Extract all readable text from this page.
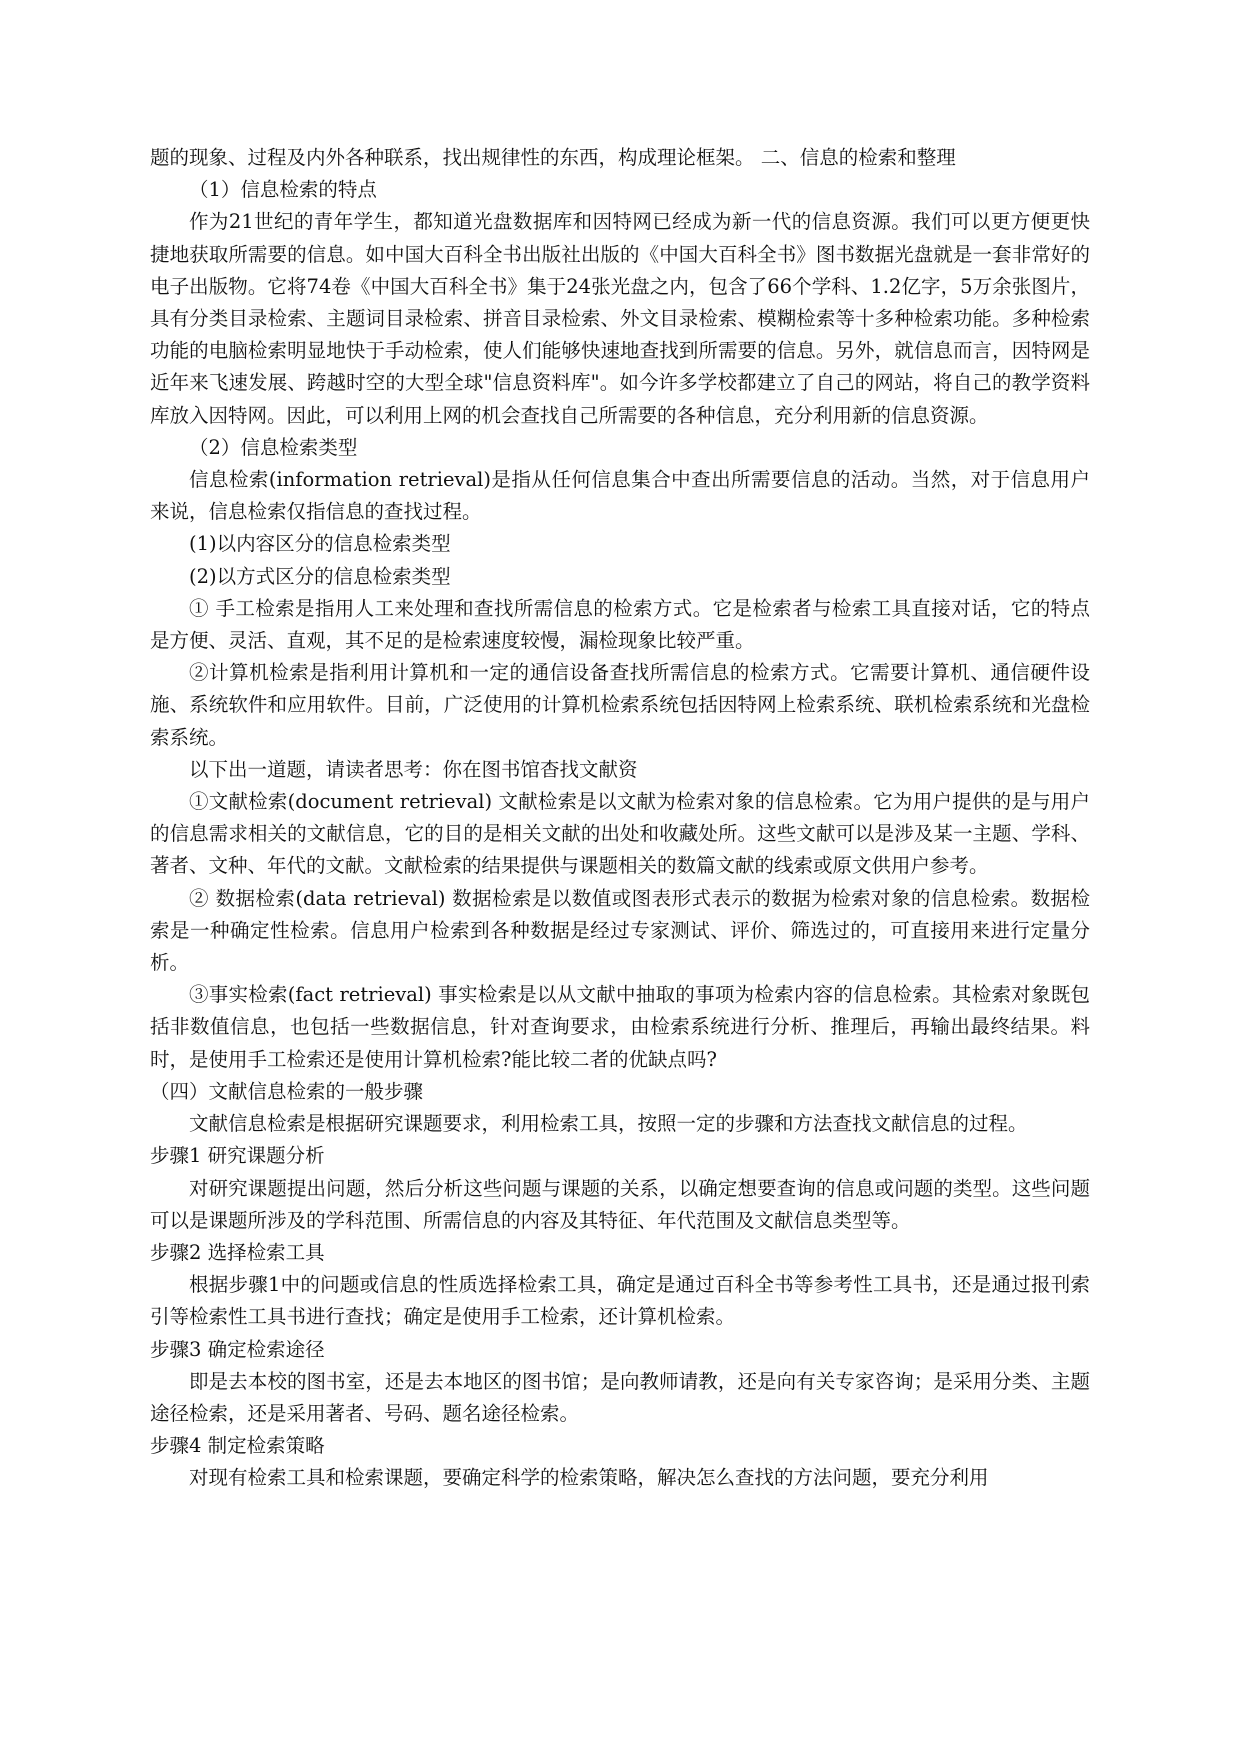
题的现象、过程及内外各种联系，找出规律性的东西，构成理论框架。 二、信息的检索和整理

（1）信息检索的特点

作为21世纪的青年学生，都知道光盘数据库和因特网已经成为新一代的信息资源。我们可以更方便更快捷地获取所需要的信息。如中国大百科全书出版社出版的《中国大百科全书》图书数据光盘就是一套非常好的电子出版物。它将74卷《中国大百科全书》集于24张光盘之内，包含了66个学科、1.2亿字，5万余张图片，具有分类目录检索、主题词目录检索、拼音目录检索、外文目录检索、模糊检索等十多种检索功能。多种检索功能的电脑检索明显地快于手动检索，使人们能够快速地查找到所需要的信息。另外，就信息而言，因特网是近年来飞速发展、跨越时空的大型全球"信息资料库"。如今许多学校都建立了自己的网站，将自己的教学资料库放入因特网。因此，可以利用上网的机会查找自己所需要的各种信息，充分利用新的信息资源。

（2）信息检索类型

信息检索(information retrieval)是指从任何信息集合中查出所需要信息的活动。当然，对于信息用户来说，信息检索仅指信息的查找过程。

(1)以内容区分的信息检索类型

(2)以方式区分的信息检索类型

① 手工检索是指用人工来处理和查找所需信息的检索方式。它是检索者与检索工具直接对话，它的特点是方便、灵活、直观，其不足的是检索速度较慢，漏检现象比较严重。

②计算机检索是指利用计算机和一定的通信设备查找所需信息的检索方式。它需要计算机、通信硬件设施、系统软件和应用软件。目前，广泛使用的计算机检索系统包括因特网上检索系统、联机检索系统和光盘检索系统。

以下出一道题，请读者思考：你在图书馆杳找文献资

①文献检索(document retrieval) 文献检索是以文献为检索对象的信息检索。它为用户提供的是与用户的信息需求相关的文献信息，它的目的是相关文献的出处和收藏处所。这些文献可以是涉及某一主题、学科、著者、文种、年代的文献。文献检索的结果提供与课题相关的数篇文献的线索或原文供用户参考。

② 数据检索(data retrieval) 数据检索是以数值或图表形式表示的数据为检索对象的信息检索。数据检索是一种确定性检索。信息用户检索到各种数据是经过专家测试、评价、筛选过的，可直接用来进行定量分析。

③事实检索(fact retrieval) 事实检索是以从文献中抽取的事项为检索内容的信息检索。其检索对象既包括非数值信息，也包括一些数据信息，针对查询要求，由检索系统进行分析、推理后，再输出最终结果。料时，是使用手工检索还是使用计算机检索?能比较二者的优缺点吗?

（四）文献信息检索的一般步骤

文献信息检索是根据研究课题要求，利用检索工具，按照一定的步骤和方法查找文献信息的过程。

步骤1 研究课题分析

对研究课题提出问题，然后分析这些问题与课题的关系，以确定想要查询的信息或问题的类型。这些问题可以是课题所涉及的学科范围、所需信息的内容及其特征、年代范围及文献信息类型等。

步骤2 选择检索工具

根据步骤1中的问题或信息的性质选择检索工具，确定是通过百科全书等参考性工具书，还是通过报刊索引等检索性工具书进行查找；确定是使用手工检索，还计算机检索。

步骤3 确定检索途径

即是去本校的图书室，还是去本地区的图书馆；是向教师请教，还是向有关专家咨询；是采用分类、主题途径检索，还是采用著者、号码、题名途径检索。

步骤4 制定检索策略

对现有检索工具和检索课题，要确定科学的检索策略，解决怎么查找的方法问题，要充分利用
